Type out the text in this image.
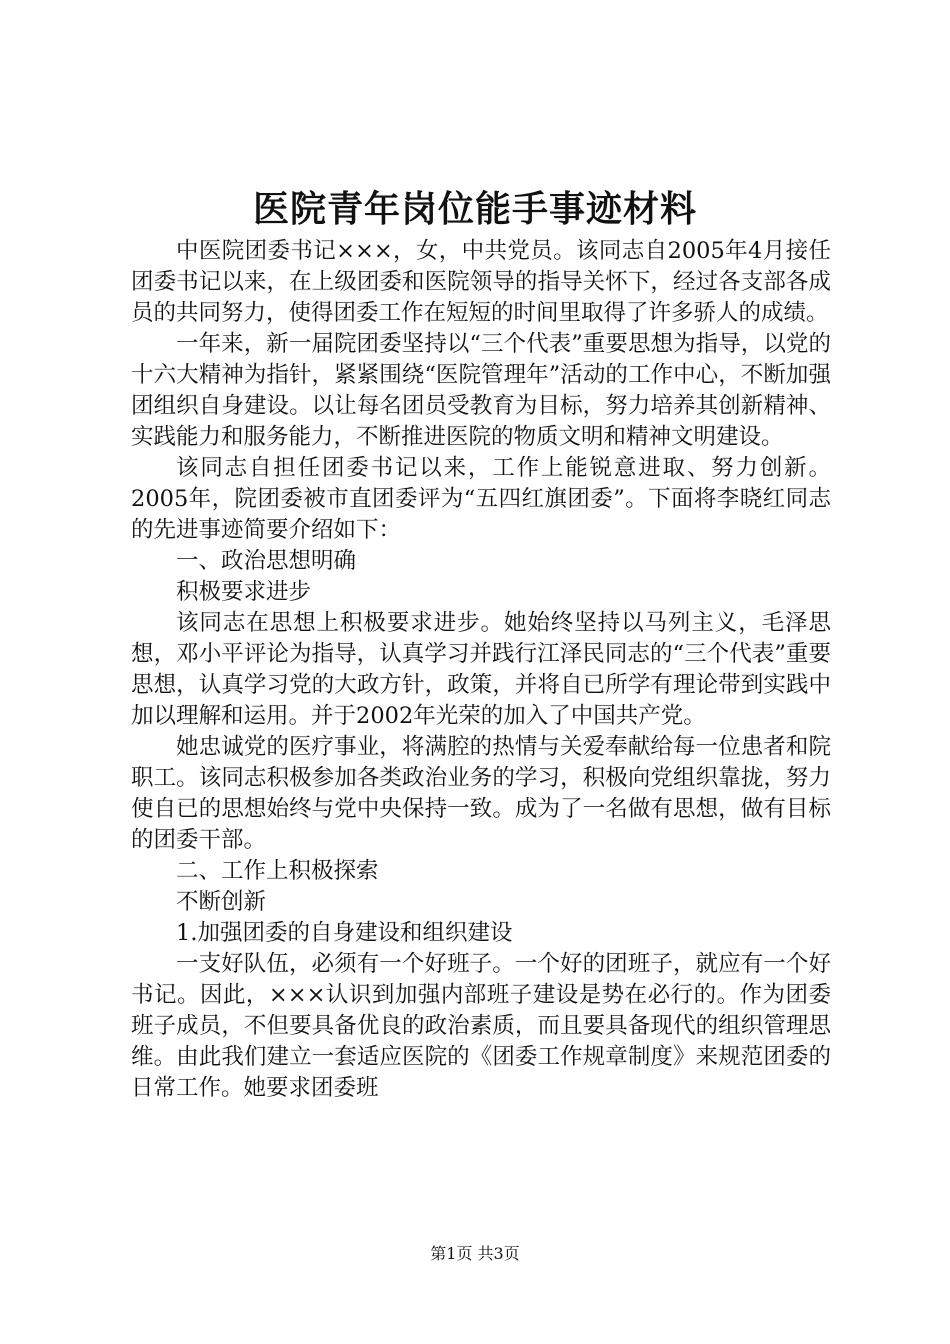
医院青年岗位能手事迹材料

中医院团委书记×××，女，中共党员。该同志自2005年4月接任团委书记以来，在上级团委和医院领导的指导关怀下，经过各支部各成员的共同努力，使得团委工作在短短的时间里取得了许多骄人的成绩。

一年来，新一届院团委坚持以“三个代表”重要思想为指导，以党的十六大精神为指针，紧紧围绕“医院管理年”活动的工作中心，不断加强团组织自身建设。以让每名团员受教育为目标，努力培养其创新精神、实践能力和服务能力，不断推进医院的物质文明和精神文明建设。

该同志自担任团委书记以来，工作上能锐意进取、努力创新。2005年，院团委被市直团委评为“五四红旗团委”。下面将李晓红同志的先进事迹简要介绍如下：

一、政治思想明确

积极要求进步

该同志在思想上积极要求进步。她始终坚持以马列主义，毛泽思想，邓小平评论为指导，认真学习并践行江泽民同志的“三个代表”重要思想，认真学习党的大政方针，政策，并将自已所学有理论带到实践中加以理解和运用。并于2002年光荣的加入了中国共产党。

她忠诚党的医疗事业，将满腔的热情与关爱奉献给每一位患者和院职工。该同志积极参加各类政治业务的学习，积极向党组织靠拢，努力使自已的思想始终与党中央保持一致。成为了一名做有思想，做有目标的团委干部。

二、工作上积极探索

不断创新

1.加强团委的自身建设和组织建设

一支好队伍，必须有一个好班子。一个好的团班子，就应有一个好书记。因此，×××认识到加强内部班子建设是势在必行的。作为团委班子成员，不但要具备优良的政治素质，而且要具备现代的组织管理思维。由此我们建立一套适应医院的《团委工作规章制度》来规范团委的日常工作。她要求团委班

第1页 共3页
